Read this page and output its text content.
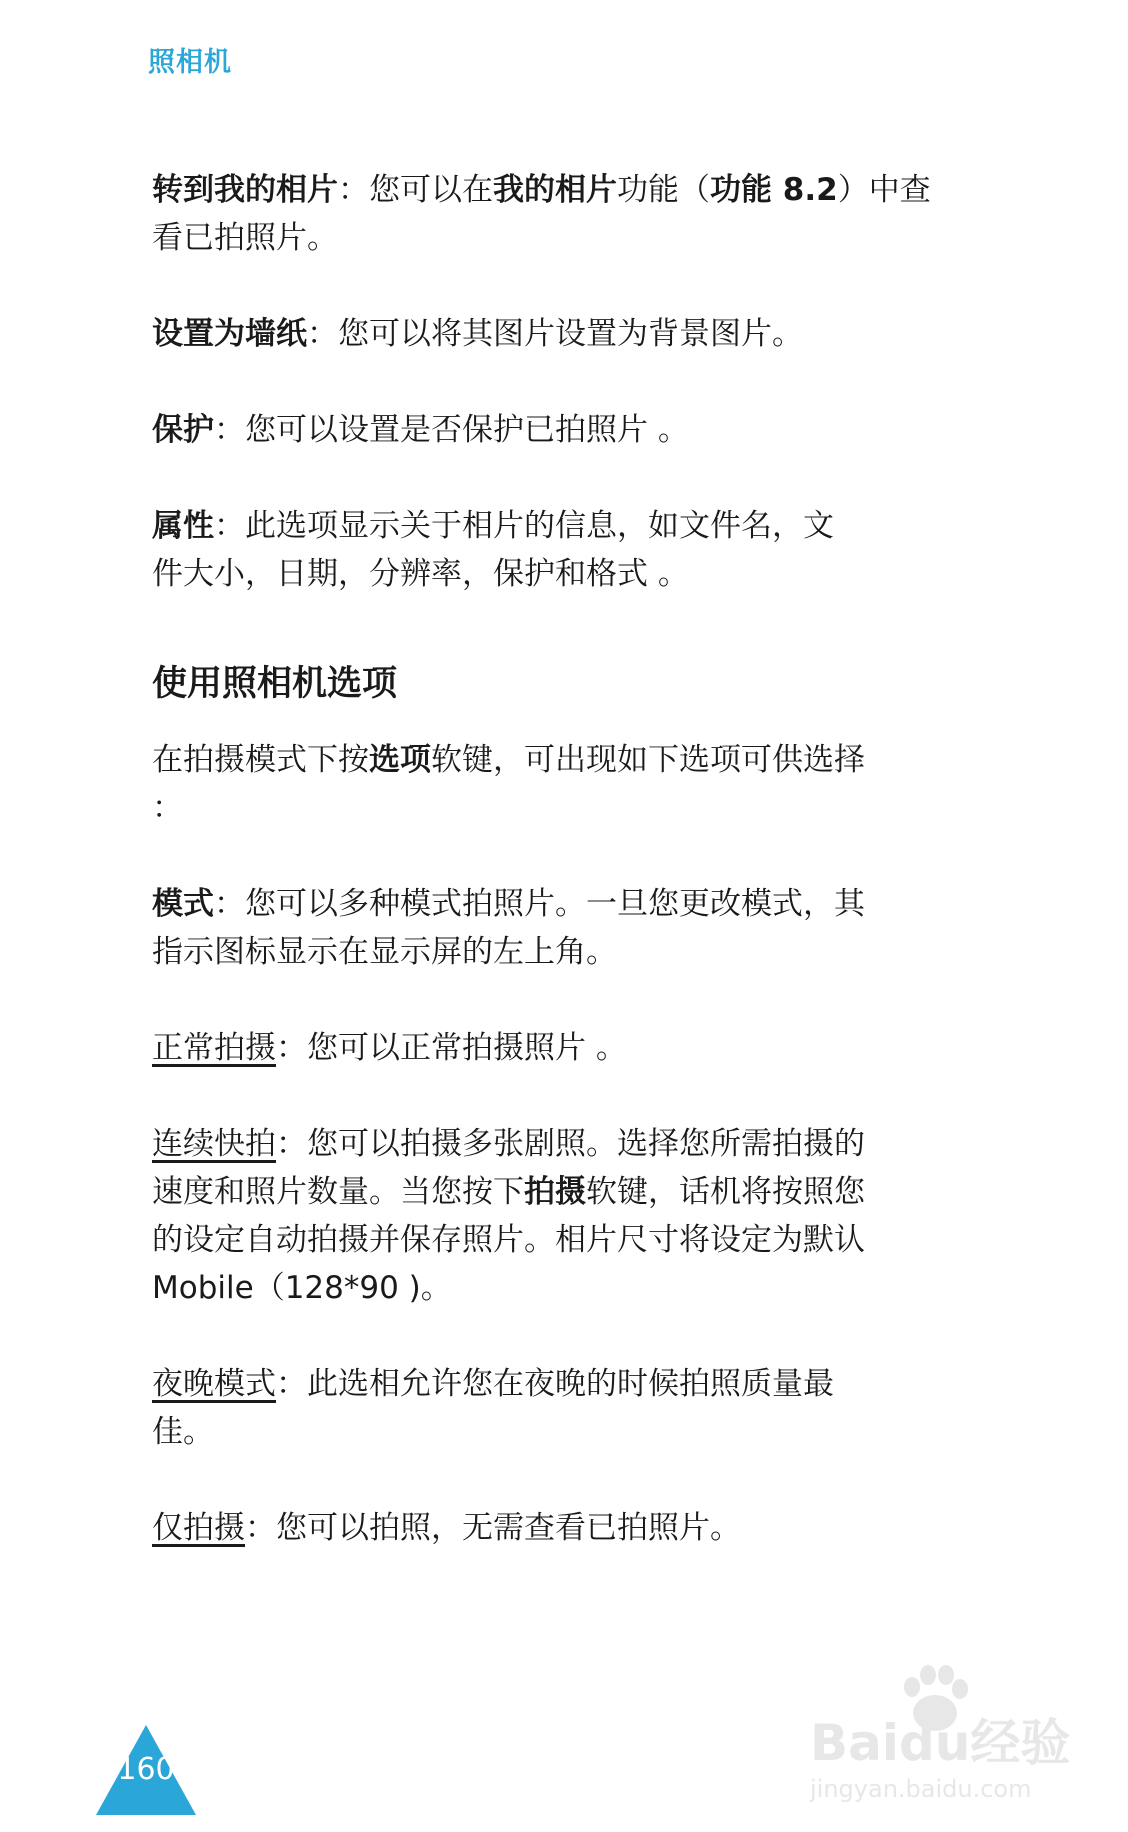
照相机

转到我的相片：您可以在我的相片功能（功能 8.2）中查看已拍照片。

设置为墙纸：您可以将其图片设置为背景图片。

保护：您可以设置是否保护已拍照片 。

属性：此选项显示关于相片的信息，如文件名，文件大小，日期，分辨率，保护和格式 。

使用照相机选项

在拍摄模式下按选项软键，可出现如下选项可供选择 ：

模式：您可以多种模式拍照片。一旦您更改模式，其指示图标显示在显示屏的左上角。

正常拍摄：您可以正常拍摄照片 。

连续快拍：您可以拍摄多张剧照。选择您所需拍摄的速度和照片数量。当您按下拍摄软键，话机将按照您的设定自动拍摄并保存照片。相片尺寸将设定为默认Mobile（128*90 )。

夜晚模式：此选相允许您在夜晚的时候拍照质量最佳。

仅拍摄：您可以拍照，无需查看已拍照片。

160	Baidu经验
jingyan.baidu.com
